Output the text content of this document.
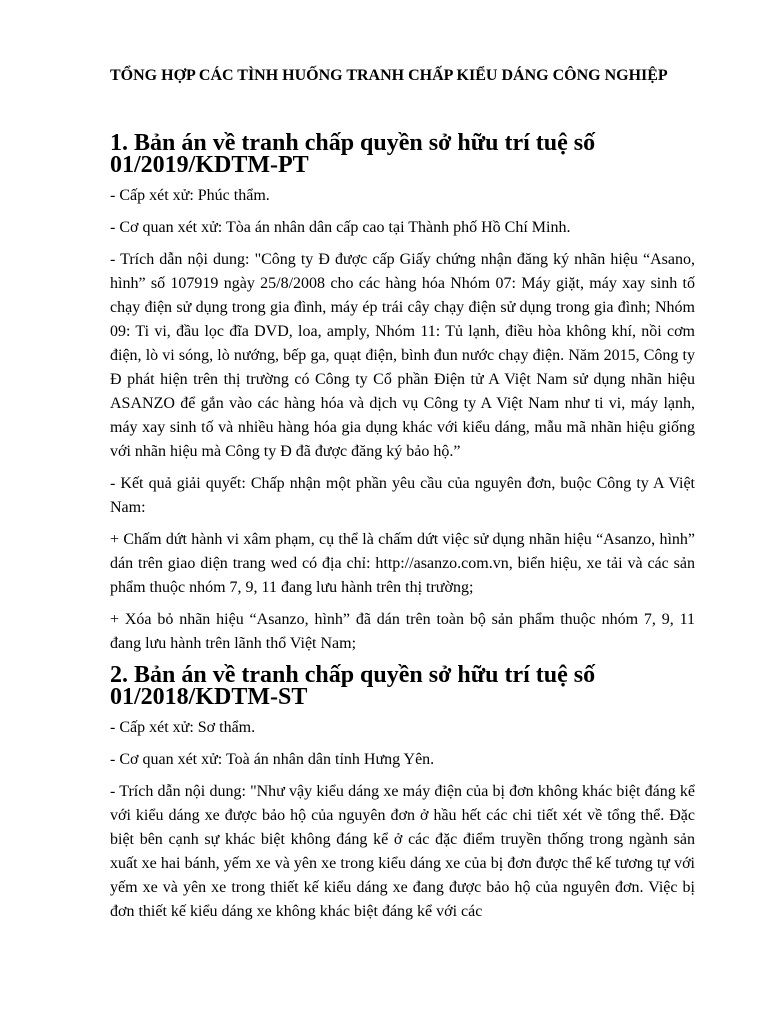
TỔNG HỢP CÁC TÌNH HUỐNG TRANH CHẤP KIỂU DÁNG CÔNG NGHIỆP
1. Bản án về tranh chấp quyền sở hữu trí tuệ số 01/2019/KDTM-PT

- Cấp xét xử: Phúc thẩm.

- Cơ quan xét xử: Tòa án nhân dân cấp cao tại Thành phố Hồ Chí Minh.

- Trích dẫn nội dung: "Công ty Đ được cấp Giấy chứng nhận đăng ký nhãn hiệu “Asano, hình” số 107919 ngày 25/8/2008 cho các hàng hóa Nhóm 07: Máy giặt, máy xay sinh tố chạy điện sử dụng trong gia đình, máy ép trái cây chạy điện sử dụng trong gia đình; Nhóm 09: Ti vi, đầu lọc đĩa DVD, loa, amply, Nhóm 11: Tủ lạnh, điều hòa không khí, nồi cơm điện, lò vi sóng, lò nướng, bếp ga, quạt điện, bình đun nước chạy điện. Năm 2015, Công ty Đ phát hiện trên thị trường có Công ty Cổ phần Điện tử A Việt Nam sử dụng nhãn hiệu ASANZO để gắn vào các hàng hóa và dịch vụ Công ty A Việt Nam như ti vi, máy lạnh, máy xay sinh tố và nhiều hàng hóa gia dụng khác với kiểu dáng, mẫu mã nhãn hiệu giống với nhãn hiệu mà Công ty Đ đã được đăng ký bảo hộ.”

- Kết quả giải quyết: Chấp nhận một phần yêu cầu của nguyên đơn, buộc Công ty A Việt Nam:

+ Chấm dứt hành vi xâm phạm, cụ thể là chấm dứt việc sử dụng nhãn hiệu “Asanzo, hình” dán trên giao diện trang wed có địa chỉ: http://asanzo.com.vn, biển hiệu, xe tải và các sản phẩm thuộc nhóm 7, 9, 11 đang lưu hành trên thị trường;

+ Xóa bỏ nhãn hiệu “Asanzo, hình” đã dán trên toàn bộ sản phẩm thuộc nhóm 7, 9, 11 đang lưu hành trên lãnh thổ Việt Nam;

2. Bản án về tranh chấp quyền sở hữu trí tuệ số 01/2018/KDTM-ST

- Cấp xét xử: Sơ thẩm.

- Cơ quan xét xử: Toà án nhân dân tỉnh Hưng Yên.

- Trích dẫn nội dung: "Như vậy kiểu dáng xe máy điện của bị đơn không khác biệt đáng kể với kiểu dáng xe được bảo hộ của nguyên đơn ở hầu hết các chi tiết xét về tổng thể. Đặc biệt bên cạnh sự khác biệt không đáng kể ở các đặc điểm truyền thống trong ngành sản xuất xe hai bánh, yếm xe và yên xe trong kiểu dáng xe của bị đơn được thể kế tương tự với yếm xe và yên xe trong thiết kế kiểu dáng xe đang được bảo hộ của nguyên đơn. Việc bị đơn thiết kế kiểu dáng xe không khác biệt đáng kể với các
